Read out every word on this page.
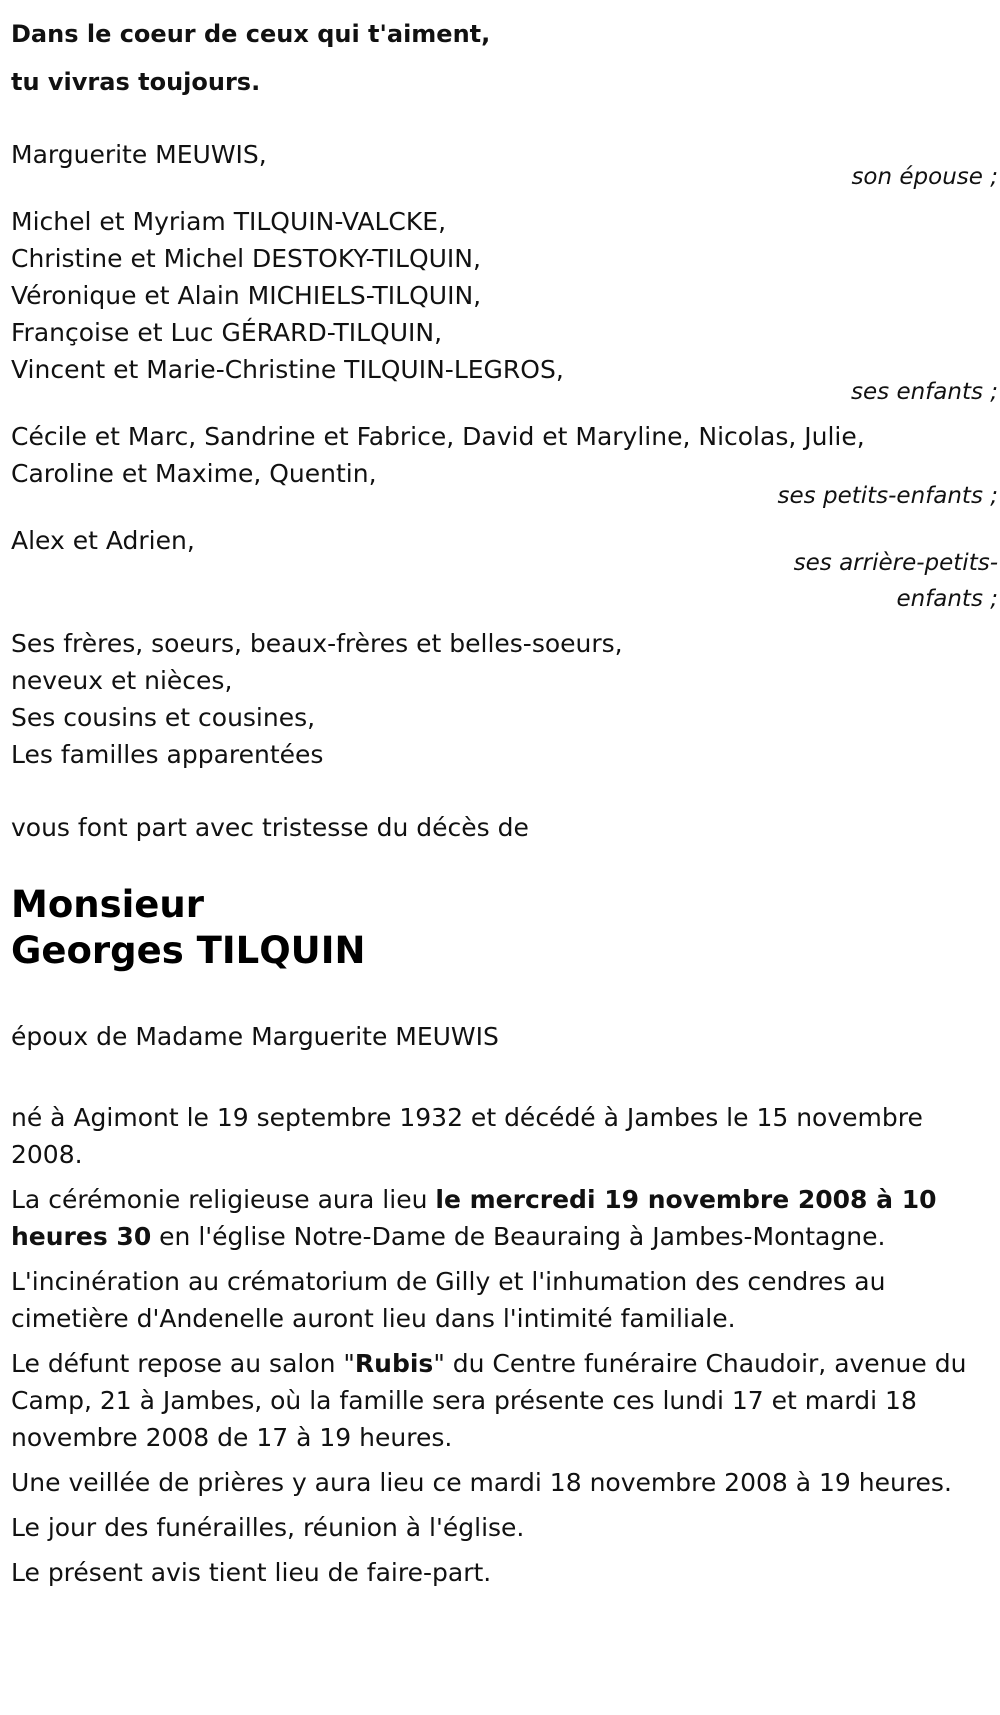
Dans le coeur de ceux qui t'aiment,

tu vivras toujours.

Marguerite MEUWIS,

son épouse ;

Michel et Myriam TILQUIN-VALCKE,

Christine et Michel DESTOKY-TILQUIN,

Véronique et Alain MICHIELS-TILQUIN,

Françoise et Luc GÉRARD-TILQUIN,

Vincent et Marie-Christine TILQUIN-LEGROS,

ses enfants ;

Cécile et Marc, Sandrine et Fabrice, David et Maryline, Nicolas, Julie,

Caroline et Maxime, Quentin,

ses petits-enfants ;

Alex et Adrien,

ses arrière-petits-

enfants ;

Ses frères, soeurs, beaux-frères et belles-soeurs,

neveux et nièces,

Ses cousins et cousines,

Les familles apparentées

vous font part avec tristesse du décès de

Monsieur

Georges TILQUIN

époux de Madame Marguerite MEUWIS

né à Agimont le 19 septembre 1932 et décédé à Jambes le 15 novembre 2008.

La cérémonie religieuse aura lieu le mercredi 19 novembre 2008 à 10 heures 30 en l'église Notre-Dame de Beauraing à Jambes-Montagne.

L'incinération au crématorium de Gilly et l'inhumation des cendres au cimetière d'Andenelle auront lieu dans l'intimité familiale.

Le défunt repose au salon "Rubis" du Centre funéraire Chaudoir, avenue du Camp, 21 à Jambes, où la famille sera présente ces lundi 17 et mardi 18 novembre 2008 de 17 à 19 heures.

Une veillée de prières y aura lieu ce mardi 18 novembre 2008 à 19 heures.

Le jour des funérailles, réunion à l'église.

Le présent avis tient lieu de faire-part.
